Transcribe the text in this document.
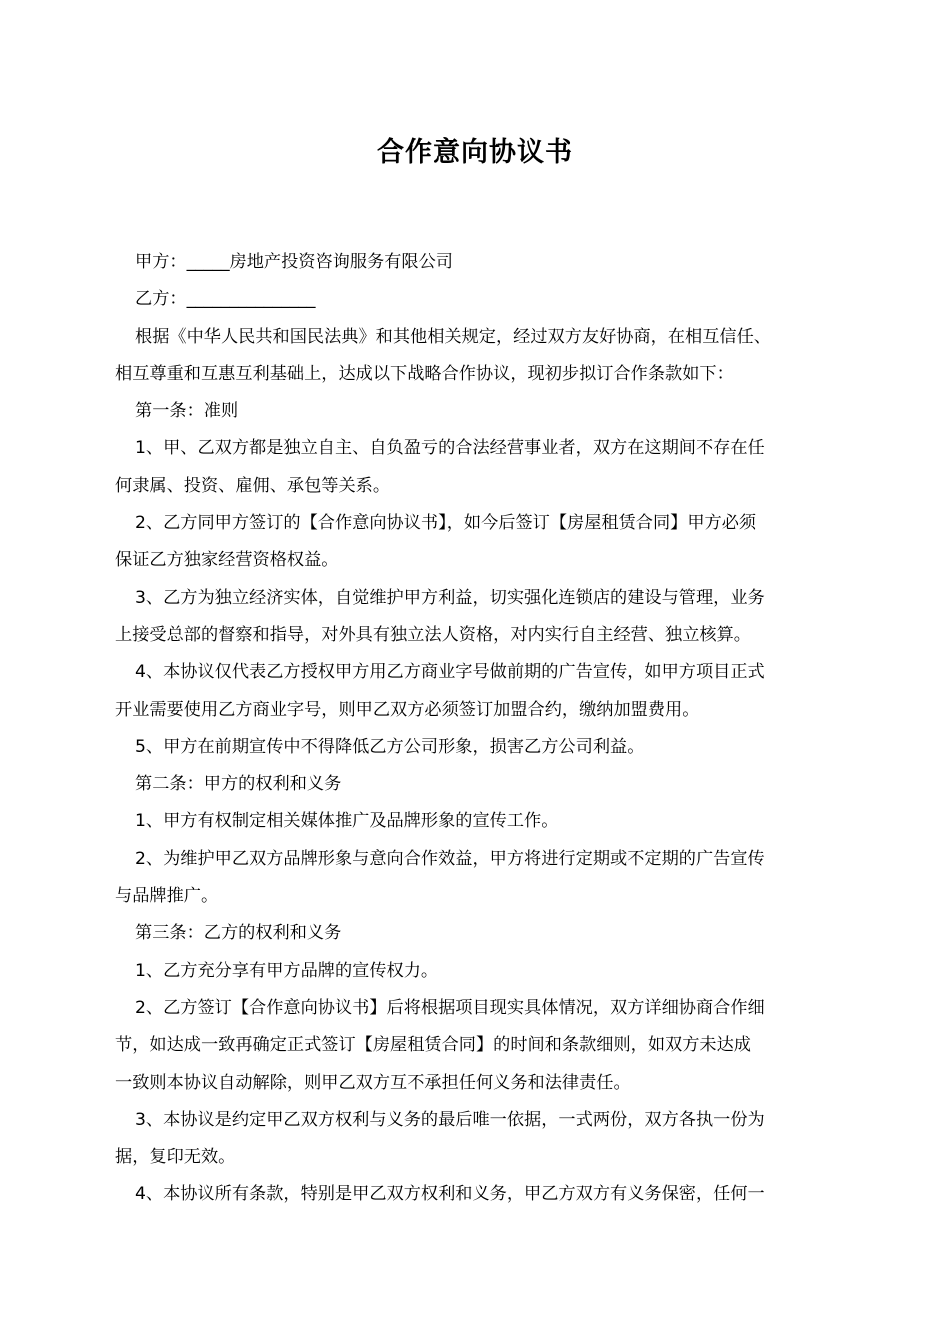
合作意向协议书
甲方：_____房地产投资咨询服务有限公司
乙方：_______________
根据《中华人民共和国民法典》和其他相关规定，经过双方友好协商，在相互信任、
相互尊重和互惠互利基础上，达成以下战略合作协议，现初步拟订合作条款如下：
第一条：准则
1、甲、乙双方都是独立自主、自负盈亏的合法经营事业者，双方在这期间不存在任
何隶属、投资、雇佣、承包等关系。
2、乙方同甲方签订的【合作意向协议书】，如今后签订【房屋租赁合同】甲方必须
保证乙方独家经营资格权益。
3、乙方为独立经济实体，自觉维护甲方利益，切实强化连锁店的建设与管理，业务
上接受总部的督察和指导，对外具有独立法人资格，对内实行自主经营、独立核算。
4、本协议仅代表乙方授权甲方用乙方商业字号做前期的广告宣传，如甲方项目正式
开业需要使用乙方商业字号，则甲乙双方必须签订加盟合约，缴纳加盟费用。
5、甲方在前期宣传中不得降低乙方公司形象，损害乙方公司利益。
第二条：甲方的权利和义务
1、甲方有权制定相关媒体推广及品牌形象的宣传工作。
2、为维护甲乙双方品牌形象与意向合作效益，甲方将进行定期或不定期的广告宣传
与品牌推广。
第三条：乙方的权利和义务
1、乙方充分享有甲方品牌的宣传权力。
2、乙方签订【合作意向协议书】后将根据项目现实具体情况，双方详细协商合作细
节，如达成一致再确定正式签订【房屋租赁合同】的时间和条款细则，如双方未达成
一致则本协议自动解除，则甲乙双方互不承担任何义务和法律责任。
3、本协议是约定甲乙双方权利与义务的最后唯一依据，一式两份，双方各执一份为
据，复印无效。
4、本协议所有条款，特别是甲乙双方权利和义务，甲乙方双方有义务保密，任何一
